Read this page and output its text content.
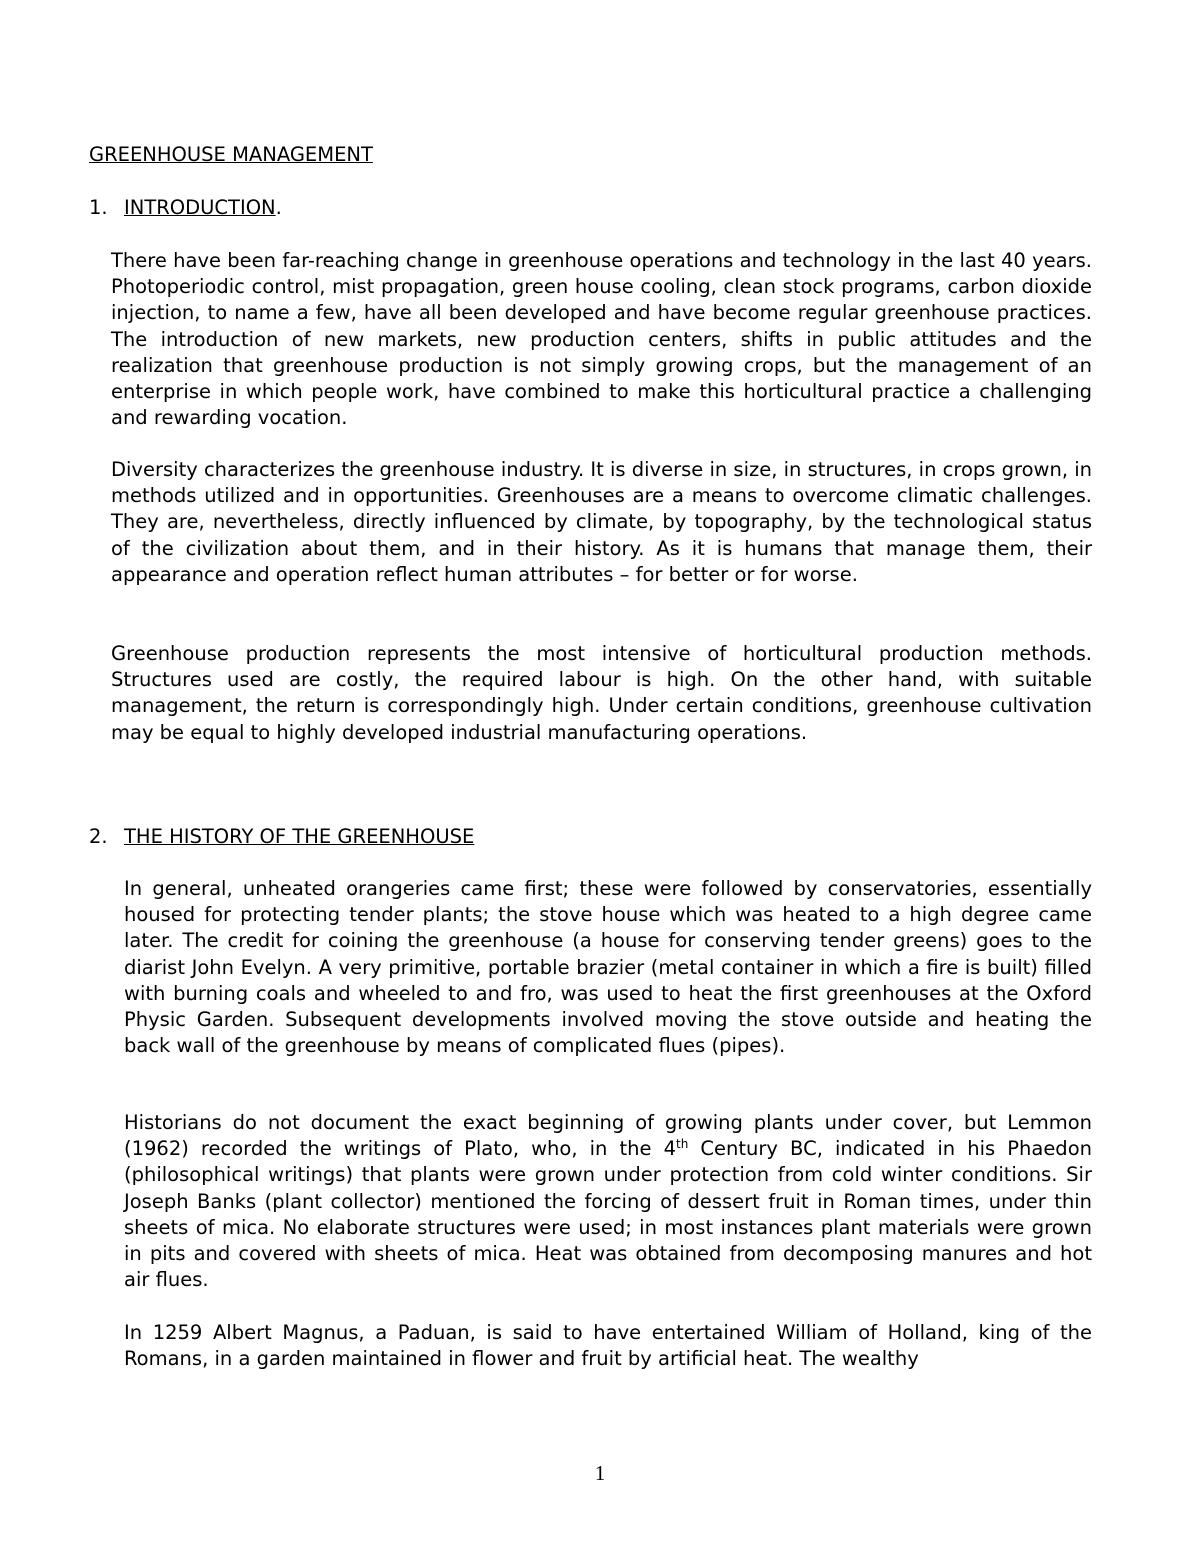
GREENHOUSE MANAGEMENT
1. INTRODUCTION.

There have been far-reaching change in greenhouse operations and technology in the last 40 years. Photoperiodic control, mist propagation, green house cooling, clean stock programs, carbon dioxide injection, to name a few, have all been developed and have become regular greenhouse practices. The introduction of new markets, new production centers, shifts in public attitudes and the realization that greenhouse production is not simply growing crops, but the management of an enterprise in which people work, have combined to make this horticultural practice a challenging and rewarding vocation.

Diversity characterizes the greenhouse industry. It is diverse in size, in structures, in crops grown, in methods utilized and in opportunities. Greenhouses are a means to overcome climatic challenges. They are, nevertheless, directly influenced by climate, by topography, by the technological status of the civilization about them, and in their history. As it is humans that manage them, their appearance and operation reflect human attributes – for better or for worse.

Greenhouse production represents the most intensive of horticultural production methods. Structures used are costly, the required labour is high. On the other hand, with suitable management, the return is correspondingly high. Under certain conditions, greenhouse cultivation may be equal to highly developed industrial manufacturing operations.

2. THE HISTORY OF THE GREENHOUSE

In general, unheated orangeries came first; these were followed by conservatories, essentially housed for protecting tender plants; the stove house which was heated to a high degree came later. The credit for coining the greenhouse (a house for conserving tender greens) goes to the diarist John Evelyn. A very primitive, portable brazier (metal container in which a fire is built) filled with burning coals and wheeled to and fro, was used to heat the first greenhouses at the Oxford Physic Garden. Subsequent developments involved moving the stove outside and heating the back wall of the greenhouse by means of complicated flues (pipes).

Historians do not document the exact beginning of growing plants under cover, but Lemmon (1962) recorded the writings of Plato, who, in the 4th Century BC, indicated in his Phaedon (philosophical writings) that plants were grown under protection from cold winter conditions. Sir Joseph Banks (plant collector) mentioned the forcing of dessert fruit in Roman times, under thin sheets of mica. No elaborate structures were used; in most instances plant materials were grown in pits and covered with sheets of mica. Heat was obtained from decomposing manures and hot air flues.

In 1259 Albert Magnus, a Paduan, is said to have entertained William of Holland, king of the Romans, in a garden maintained in flower and fruit by artificial heat. The wealthy

1
